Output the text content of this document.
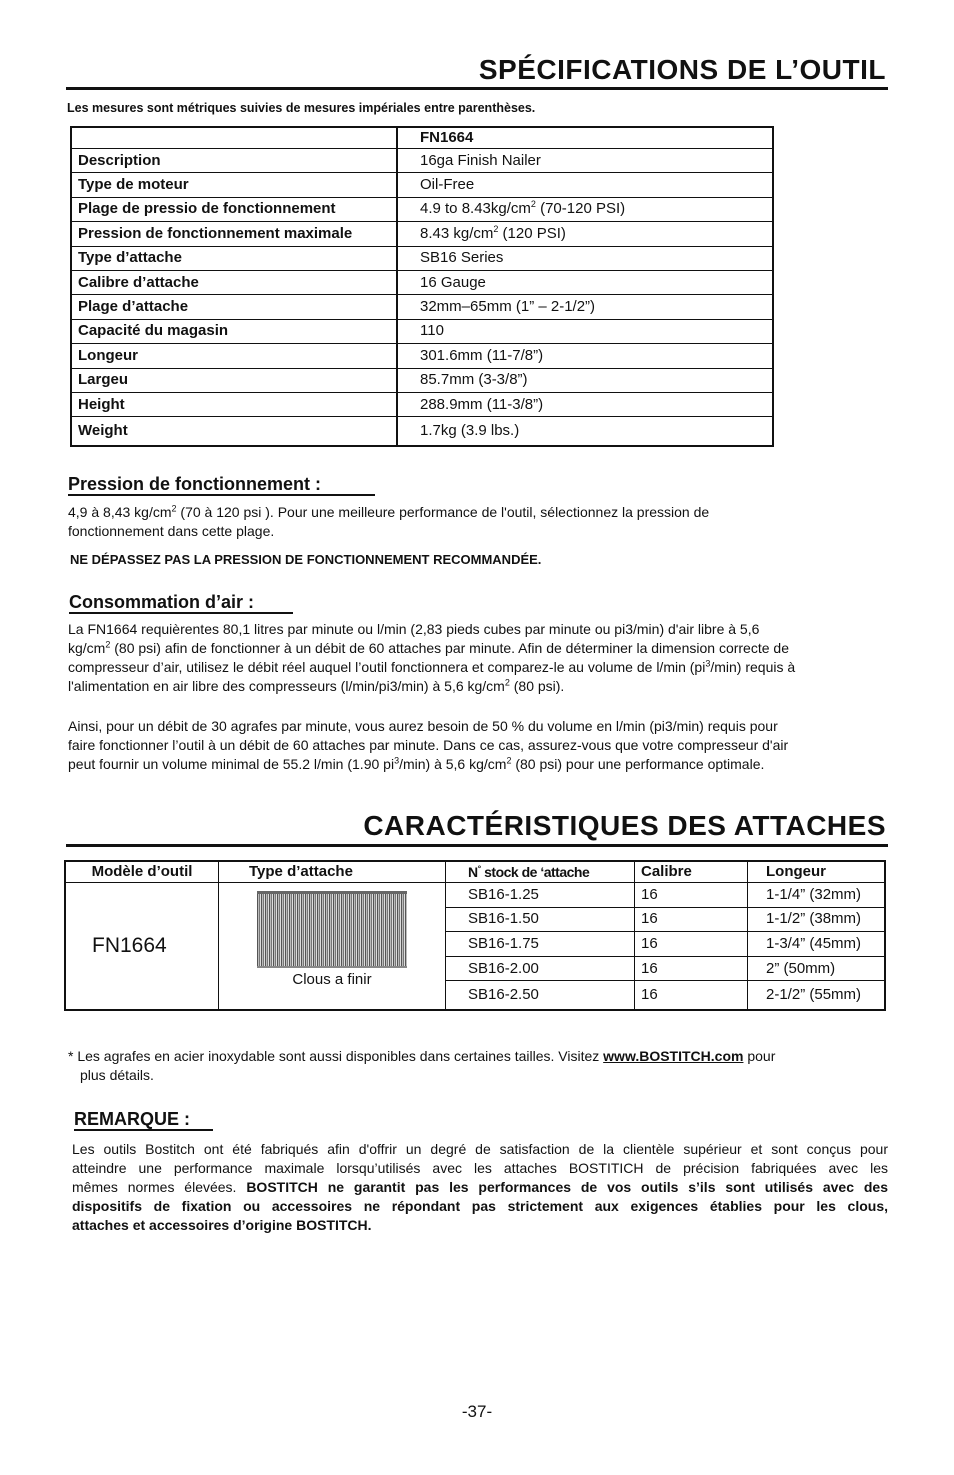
SPÉCIFICATIONS DE L’OUTIL
Les mesures sont métriques suivies de mesures impériales entre parenthèses.
	FN1664
Description	16ga Finish Nailer
Type de moteur	Oil-Free
Plage de pressio de fonctionnement	4.9 to $8.43kg/cm^2$ (70-120 PSI)
Pression de fonctionnement maximale	8.43 $kg/cm^2$ (120 PSI)
Type d’attache	SB16 Series
Calibre d’attache	16 Gauge
Plage d’attache	32mm–65mm (1” – 2-1/2”)
Capacité du magasin	110
Longeur	301.6mm (11-7/8”)
Largeu	85.7mm (3-3/8”)
Height	288.9mm (11-3/8”)
Weight	1.7kg (3.9 lbs.)
Pression de fonctionnement :
4,9 à 8,43 $kg/cm^2$ (70 à 120 psi ). Pour une meilleure performance de l'outil, sélectionnez la pression de
fonctionnement dans cette plage.
NE DÉPASSEZ PAS LA PRESSION DE FONCTIONNEMENT RECOMMANDÉE.
Consommation d’air :
La FN1664 requièrentes 80,1 litres par minute ou l/min (2,83 pieds cubes par minute ou pi3/min) d'air libre à 5,6
$kg/cm^2$ (80 psi) afin de fonctionner à un débit de 60 attaches par minute. Afin de déterminer la dimension correcte de
compresseur d’air, utilisez le débit réel auquel l’outil fonctionnera et comparez-le au volume de l/min $(pi^3/\min)$ requis à
l'alimentation en air libre des compresseurs (l/min/pi3/min) à 5,6 $kg/cm^2$ (80 psi).
Ainsi, pour un débit de 30 agrafes par minute, vous aurez besoin de 50 % du volume en l/min (pi3/min) requis pour
faire fonctionner l’outil à un débit de 60 attaches par minute. Dans ce cas, assurez-vous que votre compresseur d'air
peut fournir un volume minimal de 55.2 l/min (1.90 $pi^3/\min$) à 5,6 $kg/cm^2$ (80 psi) pour une performance optimale.
CARACTÉRISTIQUES DES ATTACHES
Modèle d’outil	Type d’attache	N° stock de ‘attache	Calibre	Longeur
FN1664	Clous a finir	SB16-1.25	16	1-1/4” (32mm)
		SB16-1.50	16	1-1/2” (38mm)
		SB16-1.75	16	1-3/4” (45mm)
		SB16-2.00	16	2” (50mm)
		SB16-2.50	16	2-1/2” (55mm)
* Les agrafes en acier inoxydable sont aussi disponibles dans certaines tailles. Visitez www.BOSTITCH.com pour
plus détails.
REMARQUE :
Les outils Bostitch ont été fabriqués afin d'offrir un degré de satisfaction de la clientèle supérieur et sont conçus pour
atteindre une performance maximale lorsqu’utilisés avec les attaches BOSTITICH de précision fabriquées avec les
mêmes normes élevées. BOSTITCH ne garantit pas les performances de vos outils s’ils sont utilisés avec des
dispositifs de fixation ou accessoires ne répondant pas strictement aux exigences établies pour les clous,
attaches et accessoires d’origine BOSTITCH.
-37-
